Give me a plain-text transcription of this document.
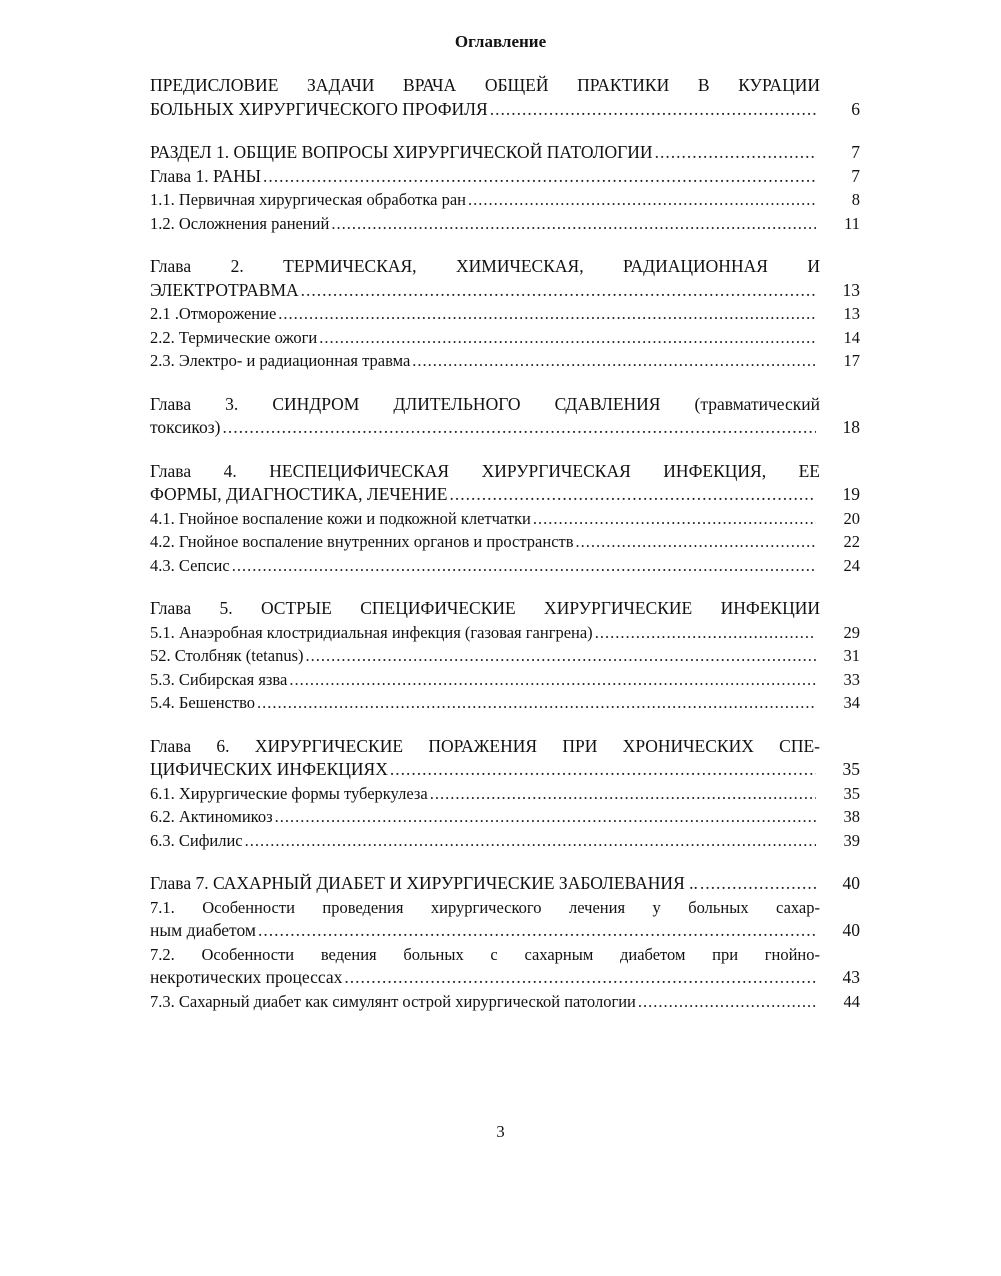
Оглавление
ПРЕДИСЛОВИЕ ЗАДАЧИ ВРАЧА ОБЩЕЙ ПРАКТИКИ В КУРАЦИИ
БОЛЬНЫХ ХИРУРГИЧЕСКОГО ПРОФИЛЯ .....	6
РАЗДЕЛ 1. ОБЩИЕ ВОПРОСЫ ХИРУРГИЧЕСКОЙ ПАТОЛОГИИ .....	7
Глава 1. РАНЫ .....	7
1.1. Первичная хирургическая обработка ран .....	8
1.2. Осложнения ранений .....	11
Глава 2. ТЕРМИЧЕСКАЯ, ХИМИЧЕСКАЯ, РАДИАЦИОННАЯ И
ЭЛЕКТРОТРАВМА .....	13
2.1 .Отморожение .....	13
2.2. Термические ожоги .....	14
2.3. Электро- и радиационная травма .....	17
Глава 3. СИНДРОМ ДЛИТЕЛЬНОГО СДАВЛЕНИЯ (травматический
токсикоз) .....	18
Глава 4. НЕСПЕЦИФИЧЕСКАЯ ХИРУРГИЧЕСКАЯ ИНФЕКЦИЯ, ЕЕ
ФОРМЫ, ДИАГНОСТИКА, ЛЕЧЕНИЕ .....	19
4.1. Гнойное воспаление кожи и подкожной клетчатки .....	20
4.2. Гнойное воспаление внутренних органов и пространств .....	22
4.3. Сепсис .....	24
Глава 5. ОСТРЫЕ СПЕЦИФИЧЕСКИЕ ХИРУРГИЧЕСКИЕ ИНФЕКЦИИ
5.1. Анаэробная клостридиальная инфекция (газовая гангрена) .....	29
52. Столбняк (tetanus) .....	31
5.3. Сибирская язва .....	33
5.4. Бешенство .....	34
Глава 6. ХИРУРГИЧЕСКИЕ ПОРАЖЕНИЯ ПРИ ХРОНИЧЕСКИХ СПЕ-
ЦИФИЧЕСКИХ ИНФЕКЦИЯХ .....	35
6.1. Хирургические формы туберкулеза .....	35
6.2. Актиномикоз .....	38
6.3. Сифилис .....	39
Глава 7. САХАРНЫЙ ДИАБЕТ И ХИРУРГИЧЕСКИЕ ЗАБОЛЕВАНИЯ .. .....	40
7.1. Особенности проведения хирургического лечения у больных сахар-
ным диабетом .....	40
7.2. Особенности ведения больных с сахарным диабетом при гнойно-
некротических процессах .....	43
7.3. Сахарный диабет как симулянт острой хирургической патологии .....	44
3
